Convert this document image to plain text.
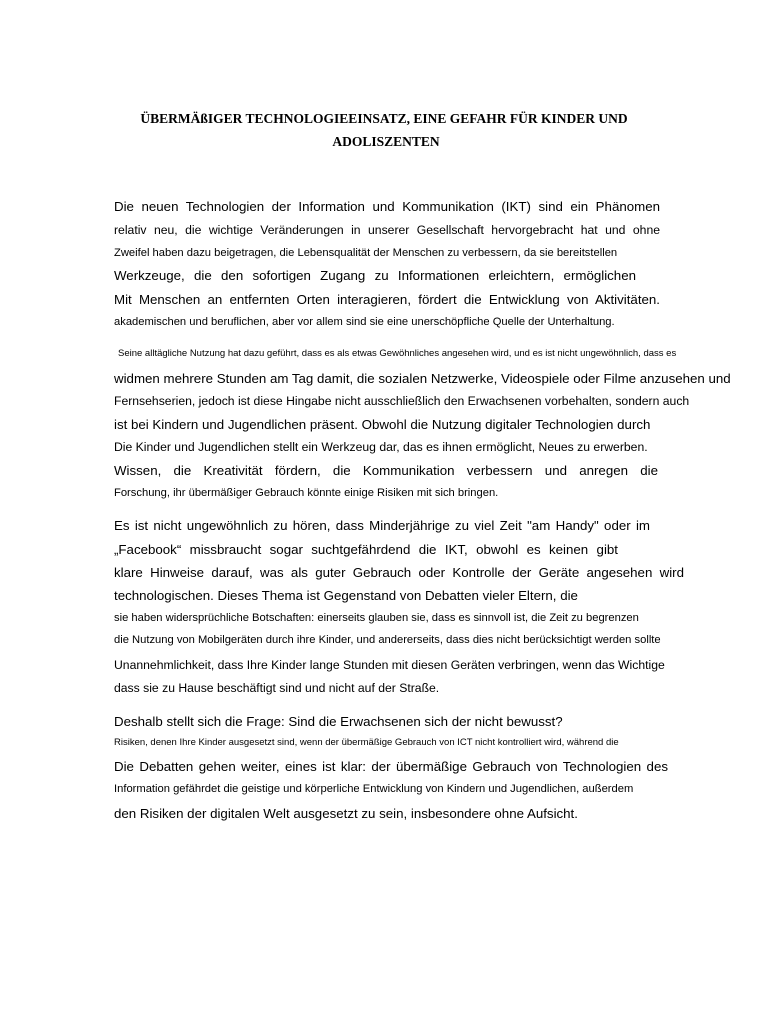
ÜBERMÄßIGER TECHNOLOGIEEINSATZ, EINE GEFAHR FÜR KINDER UND
ADOLISZENTEN
Die neuen Technologien der Information und Kommunikation (IKT) sind ein Phänomen
relativ neu, die wichtige Veränderungen in unserer Gesellschaft hervorgebracht hat und ohne
Zweifel haben dazu beigetragen, die Lebensqualität der Menschen zu verbessern, da sie bereitstellen
Werkzeuge, die den sofortigen Zugang zu Informationen erleichtern, ermöglichen
Mit Menschen an entfernten Orten interagieren, fördert die Entwicklung von Aktivitäten.
akademischen und beruflichen, aber vor allem sind sie eine unerschöpfliche Quelle der Unterhaltung.
Seine alltägliche Nutzung hat dazu geführt, dass es als etwas Gewöhnliches angesehen wird, und es ist nicht ungewöhnlich, dass es
widmen mehrere Stunden am Tag damit, die sozialen Netzwerke, Videospiele oder Filme anzusehen und
Fernsehserien, jedoch ist diese Hingabe nicht ausschließlich den Erwachsenen vorbehalten, sondern auch
ist bei Kindern und Jugendlichen präsent. Obwohl die Nutzung digitaler Technologien durch
Die Kinder und Jugendlichen stellt ein Werkzeug dar, das es ihnen ermöglicht, Neues zu erwerben.
Wissen, die Kreativität fördern, die Kommunikation verbessern und anregen die
Forschung, ihr übermäßiger Gebrauch könnte einige Risiken mit sich bringen.
Es ist nicht ungewöhnlich zu hören, dass Minderjährige zu viel Zeit "am Handy" oder im
„Facebook“ missbraucht sogar suchtgefährdend die IKT, obwohl es keinen gibt
klare Hinweise darauf, was als guter Gebrauch oder Kontrolle der Geräte angesehen wird
technologischen. Dieses Thema ist Gegenstand von Debatten vieler Eltern, die
sie haben widersprüchliche Botschaften: einerseits glauben sie, dass es sinnvoll ist, die Zeit zu begrenzen
die Nutzung von Mobilgeräten durch ihre Kinder, und andererseits, dass dies nicht berücksichtigt werden sollte
Unannehmlichkeit, dass Ihre Kinder lange Stunden mit diesen Geräten verbringen, wenn das Wichtige
dass sie zu Hause beschäftigt sind und nicht auf der Straße.
Deshalb stellt sich die Frage: Sind die Erwachsenen sich der nicht bewusst?
Risiken, denen Ihre Kinder ausgesetzt sind, wenn der übermäßige Gebrauch von ICT nicht kontrolliert wird, während die
Die Debatten gehen weiter, eines ist klar: der übermäßige Gebrauch von Technologien des
Information gefährdet die geistige und körperliche Entwicklung von Kindern und Jugendlichen, außerdem
den Risiken der digitalen Welt ausgesetzt zu sein, insbesondere ohne Aufsicht.
